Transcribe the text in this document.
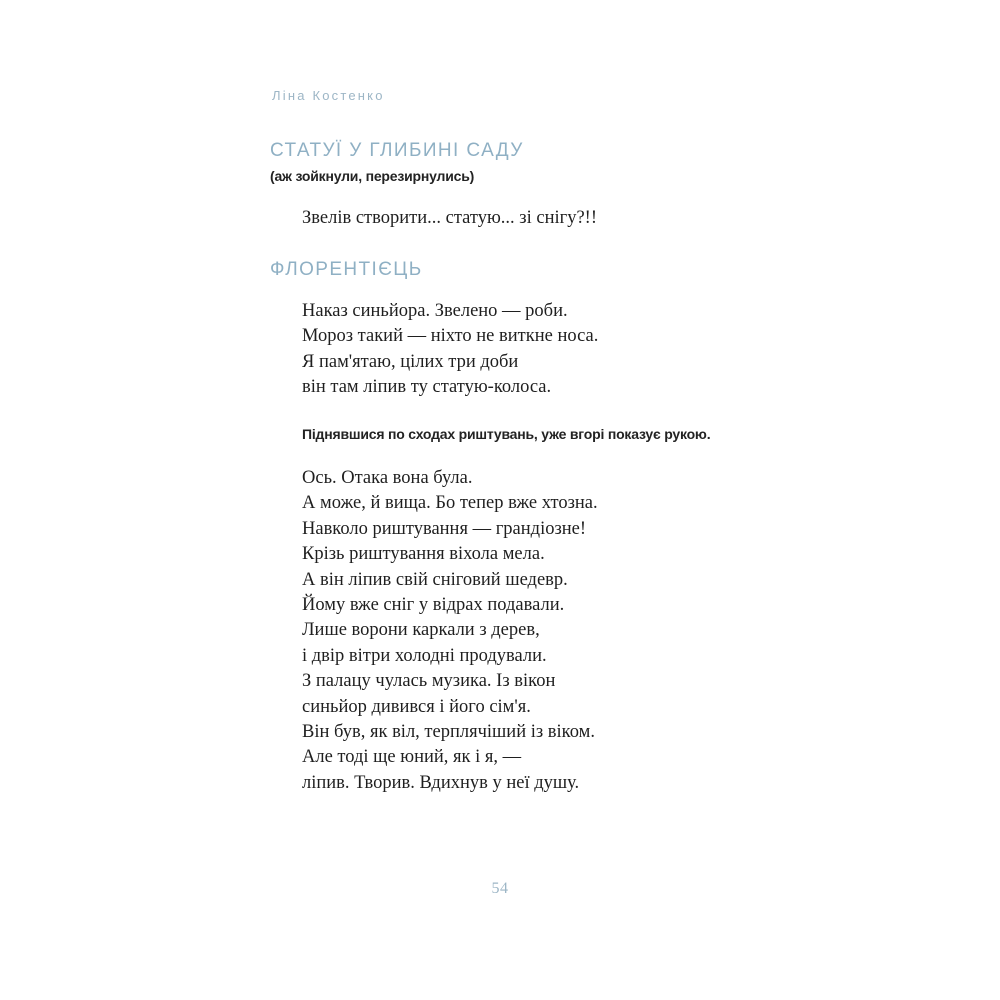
Ліна Костенко
СТАТУЇ У ГЛИБИНІ САДУ
(аж зойкнули, перезирнулись)
Звелів створити... статую... зі снігу?!!
ФЛОРЕНТІЄЦЬ
Наказ синьйора. Звелено — роби.
Мороз такий — ніхто не виткне носа.
Я пам'ятаю, цілих три доби
він там ліпив ту статую-колоса.
Піднявшися по сходах риштувань, уже вгорі показує рукою.
Ось. Отака вона була.
А може, й вища. Бо тепер вже хтозна.
Навколо риштування — грандіозне!
Крізь риштування віхола мела.
А він ліпив свій сніговий шедевр.
Йому вже сніг у відрах подавали.
Лише ворони каркали з дерев,
і двір вітри холодні продували.
З палацу чулась музика. Із вікон
синьйор дивився і його сім'я.
Він був, як віл, терплячіший із віком.
Але тоді ще юний, як і я, —
ліпив. Творив. Вдихнув у неї душу.
54
